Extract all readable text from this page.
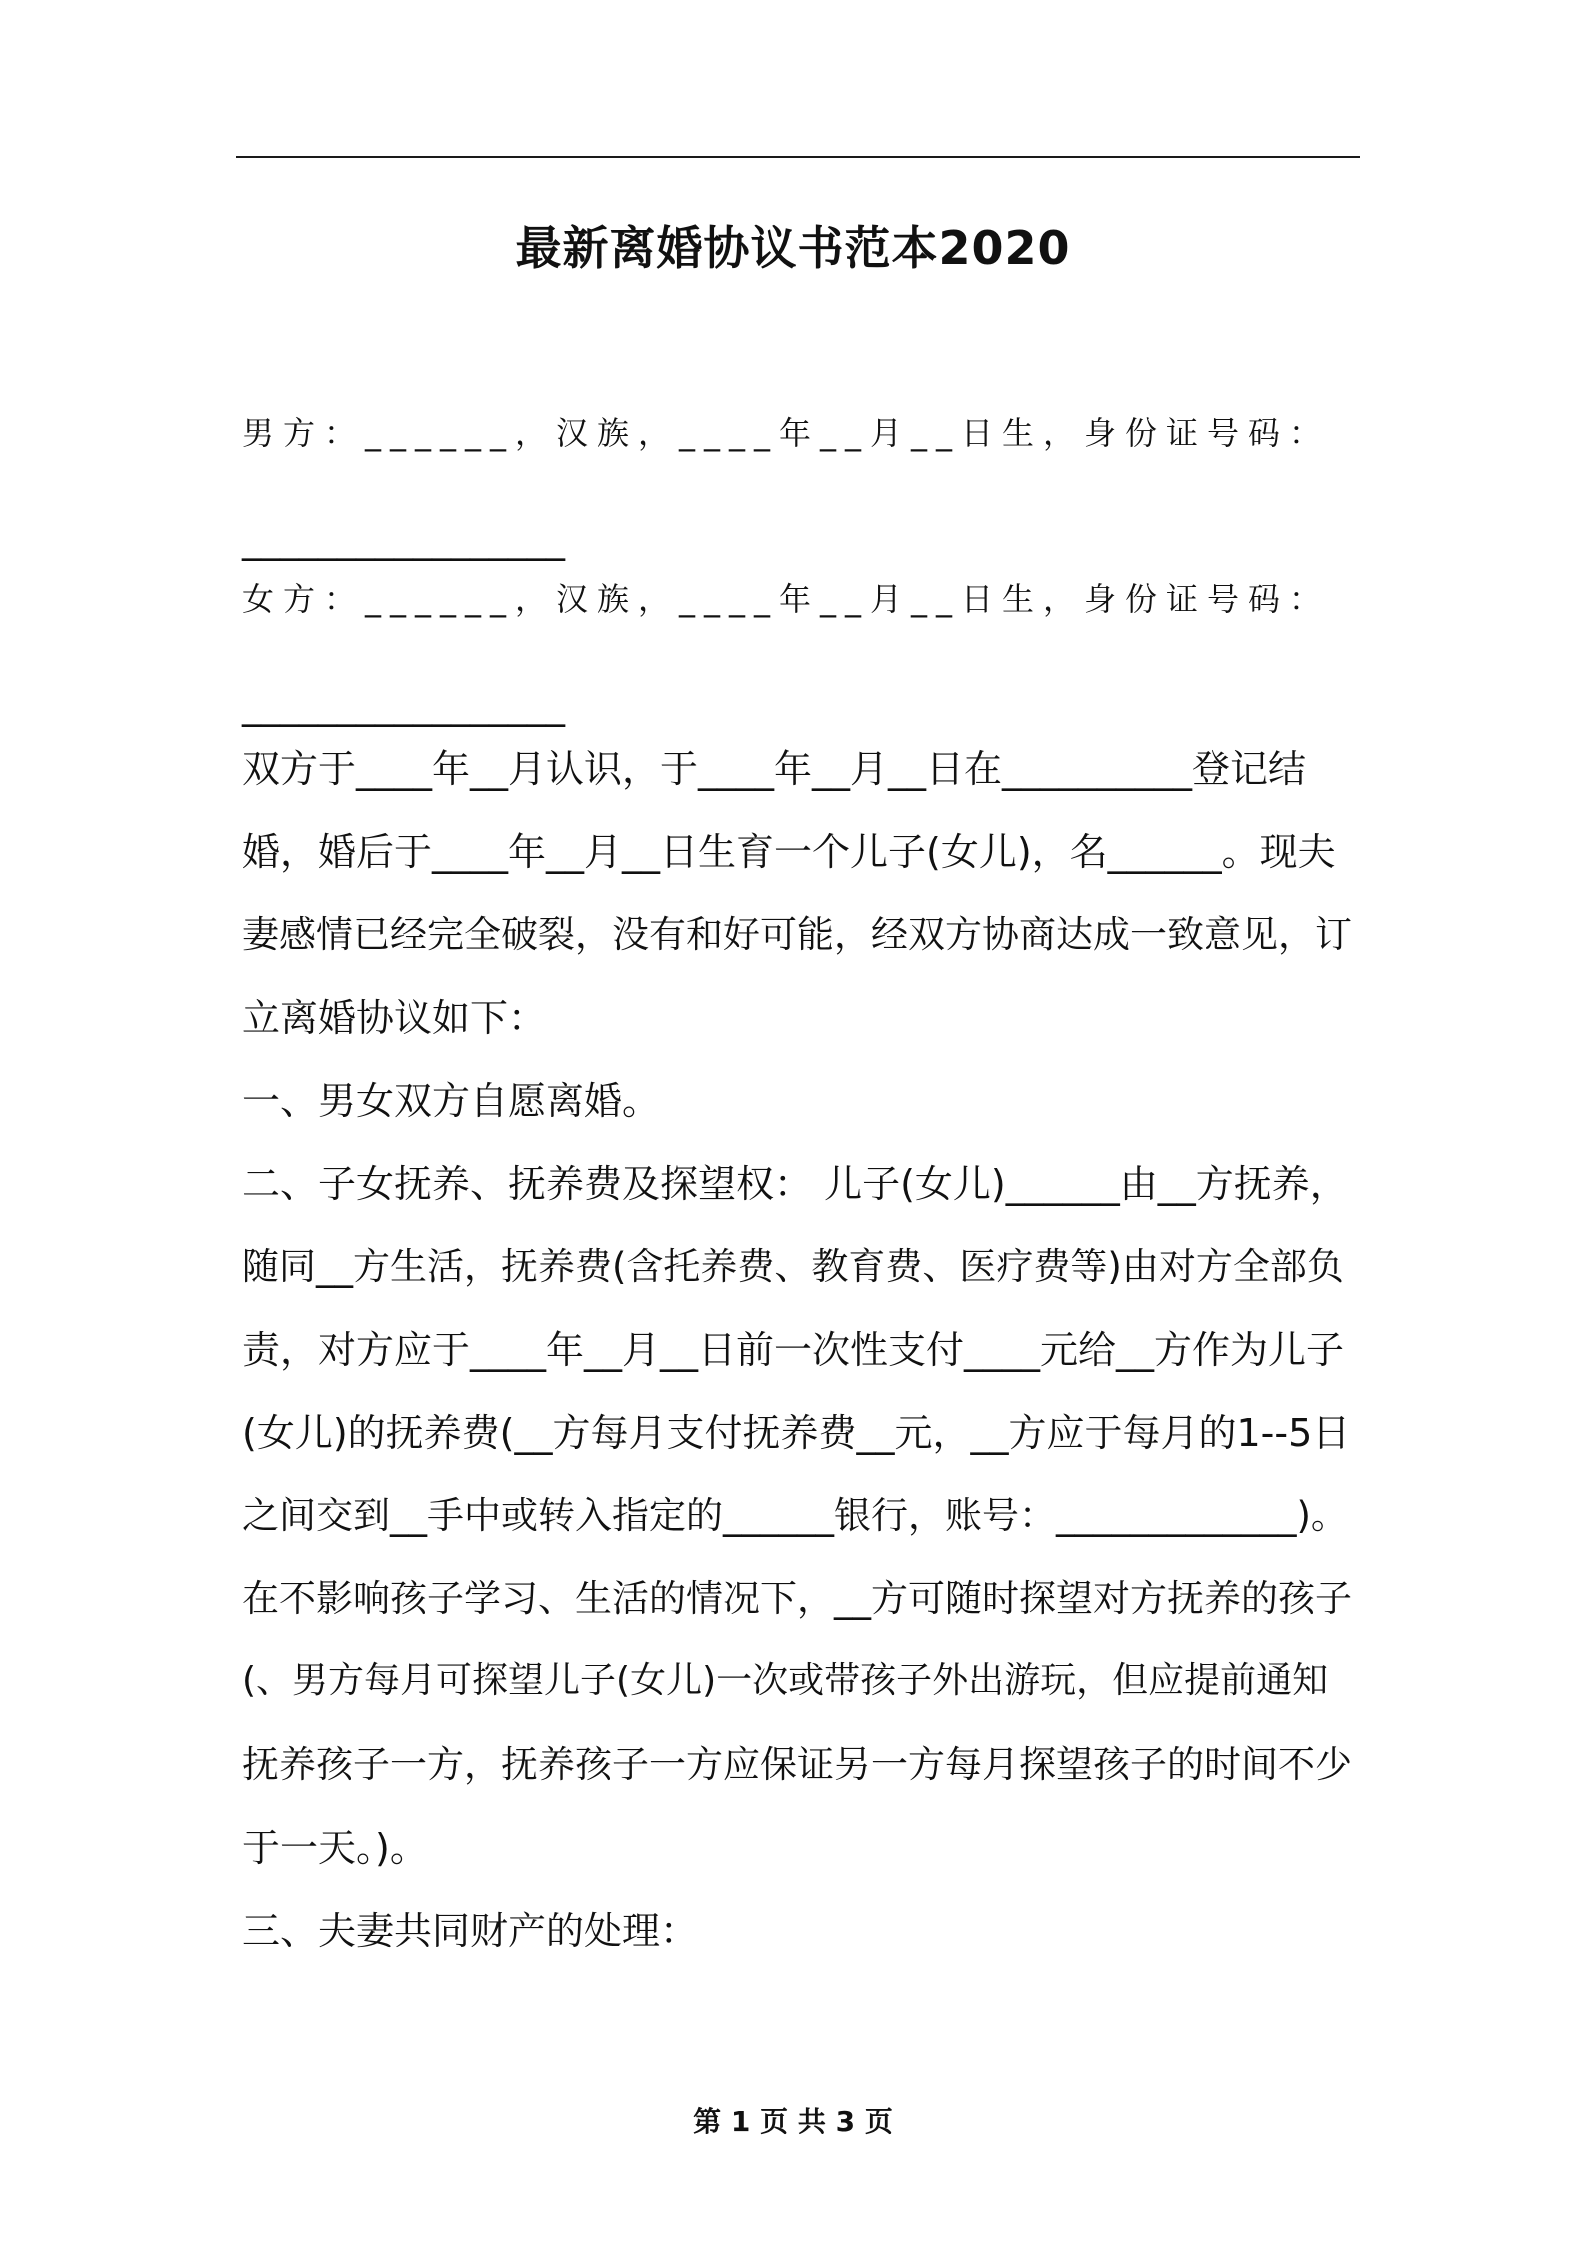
最新离婚协议书范本2020

男方：______，汉族，____年__月__日生，身份证号码：

_________________

女方：______，汉族，____年__月__日生，身份证号码：

_________________

双方于____年__月认识，于____年__月__日在__________登记结

婚，婚后于____年__月__日生育一个儿子(女儿)，名______。现夫

妻感情已经完全破裂，没有和好可能，经双方协商达成一致意见，订

立离婚协议如下：

一、男女双方自愿离婚。

二、子女抚养、抚养费及探望权： 儿子(女儿)______由__方抚养，

随同__方生活，抚养费(含托养费、教育费、医疗费等)由对方全部负

责，对方应于____年__月__日前一次性支付____元给__方作为儿子

(女儿)的抚养费(__方每月支付抚养费__元，__方应于每月的1--5日

之间交到__手中或转入指定的______银行，账号：_____________)。

在不影响孩子学习、生活的情况下，__方可随时探望对方抚养的孩子

(、男方每月可探望儿子(女儿)一次或带孩子外出游玩，但应提前通知

抚养孩子一方，抚养孩子一方应保证另一方每月探望孩子的时间不少

于一天。)。

三、夫妻共同财产的处理：

第 1 页 共 3 页
